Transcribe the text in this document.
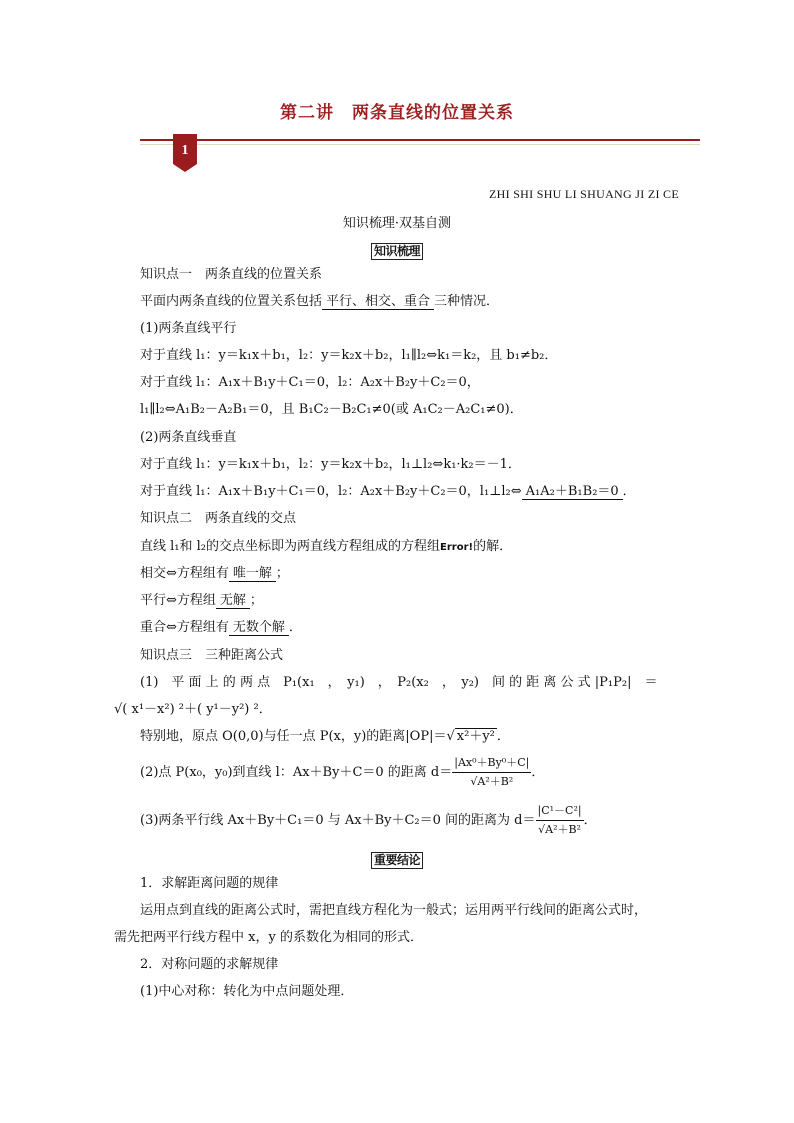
第二讲　两条直线的位置关系
1
ZHI SHI SHU LI SHUANG JI ZI CE
知识梳理·双基自测
知识梳理
知识点一　两条直线的位置关系
平面内两条直线的位置关系包括 平行、相交、重合 三种情况．
(1)两条直线平行
对于直线 l₁：y＝k₁x＋b₁，l₂：y＝k₂x＋b₂，l₁∥l₂⇔k₁＝k₂，且 b₁≠b₂．
对于直线 l₁：A₁x＋B₁y＋C₁＝0，l₂：A₂x＋B₂y＋C₂＝0，
l₁∥l₂⇔A₁B₂－A₂B₁＝0，且 B₁C₂－B₂C₁≠0(或 A₁C₂－A₂C₁≠0)．
(2)两条直线垂直
对于直线 l₁：y＝k₁x＋b₁，l₂：y＝k₂x＋b₂，l₁⊥l₂⇔k₁·k₂＝－1．
对于直线 l₁：A₁x＋B₁y＋C₁＝0，l₂：A₂x＋B₂y＋C₂＝0，l₁⊥l₂⇔ A₁A₂＋B₁B₂＝0 ．
知识点二　两条直线的交点
直线 l₁和 l₂的交点坐标即为两直线方程组成的方程组Error!的解．
相交⇔方程组有 唯一解 ；
平行⇔方程组 无解 ；
重合⇔方程组有 无数个解 ．
知识点三　三种距离公式
(1)　平 面 上 的 两 点　P₁(x₁　，　y₁)　，　P₂(x₂　，　y₂)　间 的 距 离 公 式 |P₁P₂|　＝
√( x¹－x²) ²＋( y¹－y²) ²．
特别地，原点 O(0,0)与任一点 P(x，y)的距离|OP|＝√ x²＋y² ．
(2)点 P(x₀，y₀)到直线 l：Ax＋By＋C＝0 的距离 $d= \frac{\text{|Ax⁰＋By⁰＋C|}}{\text{√A²＋B²}}$ ．
(3)两条平行线 Ax＋By＋C₁＝0 与 Ax＋By＋C₂＝0 间的距离为 $d= \frac{\text{|C¹－C²|}}{\text{√A²＋B²}}$ ．
重要结论
1．求解距离问题的规律
运用点到直线的距离公式时，需把直线方程化为一般式；运用两平行线间的距离公式时，
需先把两平行线方程中 x，y 的系数化为相同的形式．
2．对称问题的求解规律
(1)中心对称：转化为中点问题处理．
